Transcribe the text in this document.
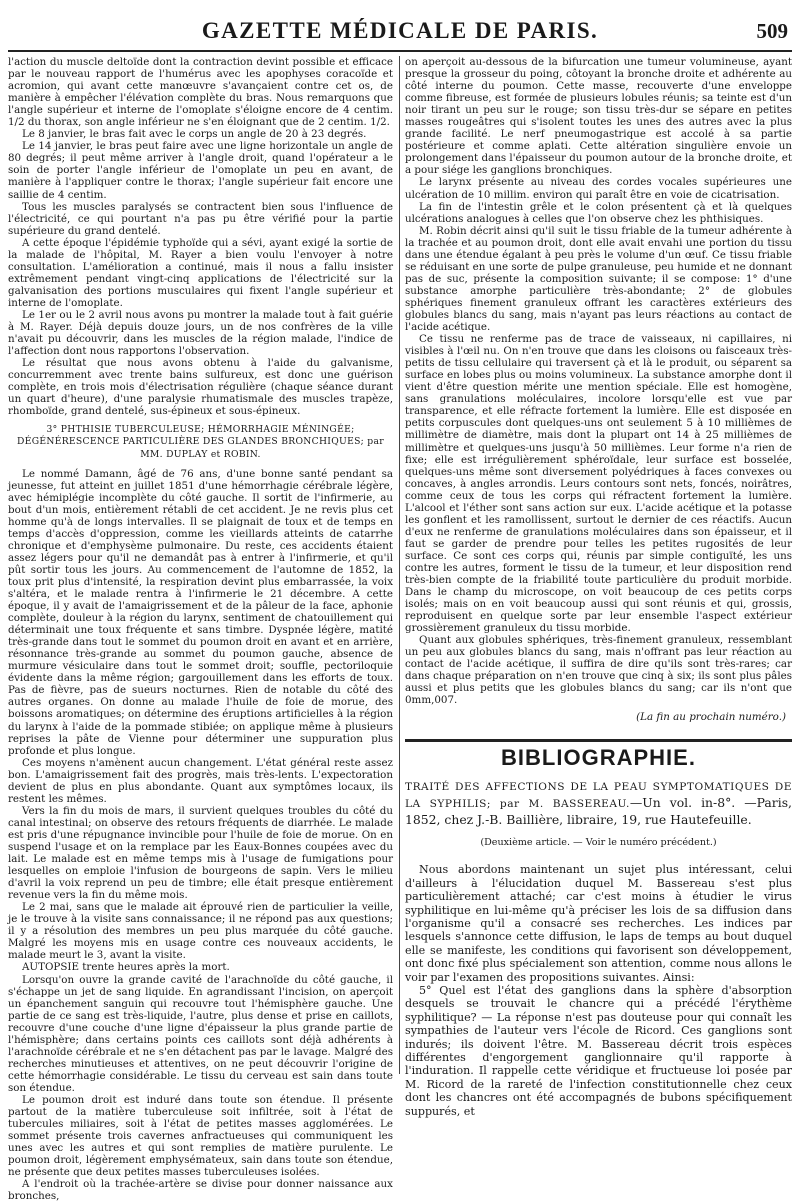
GAZETTE MÉDICALE DE PARIS.	509

l'action du muscle deltoïde dont la contraction devint possible et efficace par le nouveau rapport de l'humérus avec les apophyses coracoïde et acromion, qui avant cette manœuvre s'avançaient contre cet os, de manière à empêcher l'élévation complète du bras. Nous remarquons que l'angle supérieur et interne de l'omoplate s'éloigne encore de 4 centim. 1/2 du thorax, son angle inférieur ne s'en éloignant que de 2 centim. 1/2.

Le 8 janvier, le bras fait avec le corps un angle de 20 à 23 degrés.

Le 14 janvier, le bras peut faire avec une ligne horizontale un angle de 80 degrés; il peut même arriver à l'angle droit, quand l'opérateur a le soin de porter l'angle inférieur de l'omoplate un peu en avant, de manière à l'appliquer contre le thorax; l'angle supérieur fait encore une saillie de 4 centim.

Tous les muscles paralysés se contractent bien sous l'influence de l'électricité, ce qui pourtant n'a pas pu être vérifié pour la partie supérieure du grand dentelé.

A cette époque l'épidémie typhoïde qui a sévi, ayant exigé la sortie de la malade de l'hôpital, M. Rayer a bien voulu l'envoyer à notre consultation. L'amélioration a continué, mais il nous a fallu insister extrêmement pendant vingt-cinq applications de l'électricité sur la galvanisation des portions musculaires qui fixent l'angle supérieur et interne de l'omoplate.

Le 1er ou le 2 avril nous avons pu montrer la malade tout à fait guérie à M. Rayer. Déjà depuis douze jours, un de nos confrères de la ville n'avait pu découvrir, dans les muscles de la région malade, l'indice de l'affection dont nous rapportons l'observation.

Le résultat que nous avons obtenu à l'aide du galvanisme, concurremment avec trente bains sulfureux, est donc une guérison complète, en trois mois d'électrisation régulière (chaque séance durant un quart d'heure), d'une paralysie rhumatismale des muscles trapèze, rhomboïde, grand dentelé, sus-épineux et sous-épineux.

3° PHTHISIE TUBERCULEUSE; HÉMORRHAGIE MÉNINGÉE; DÉGÉNÉRESCENCE PARTICULIÈRE DES GLANDES BRONCHIQUES; par MM. DUPLAY et ROBIN.

Le nommé Damann, âgé de 76 ans, d'une bonne santé pendant sa jeunesse, fut atteint en juillet 1851 d'une hémorrhagie cérébrale légère, avec hémiplégie incomplète du côté gauche. Il sortit de l'infirmerie, au bout d'un mois, entièrement rétabli de cet accident. Je ne revis plus cet homme qu'à de longs intervalles. Il se plaignait de toux et de temps en temps d'accès d'oppression, comme les vieillards atteints de catarrhe chronique et d'emphysème pulmonaire. Du reste, ces accidents étaient assez légers pour qu'il ne demandât pas à entrer à l'infirmerie, et qu'il pût sortir tous les jours. Au commencement de l'automne de 1852, la toux prit plus d'intensité, la respiration devint plus embarrassée, la voix s'altéra, et le malade rentra à l'infirmerie le 21 décembre. A cette époque, il y avait de l'amaigrissement et de la pâleur de la face, aphonie complète, douleur à la région du larynx, sentiment de chatouillement qui déterminait une toux fréquente et sans timbre. Dyspnée légère, matité très-grande dans tout le sommet du poumon droit en avant et en arrière, résonnance très-grande au sommet du poumon gauche, absence de murmure vésiculaire dans tout le sommet droit; souffle, pectoriloquie évidente dans la même région; gargouillement dans les efforts de toux. Pas de fièvre, pas de sueurs nocturnes. Rien de notable du côté des autres organes. On donne au malade l'huile de foie de morue, des boissons aromatiques; on détermine des éruptions artificielles à la région du larynx à l'aide de la pommade stibiée; on applique même à plusieurs reprises la pâte de Vienne pour déterminer une suppuration plus profonde et plus longue.

Ces moyens n'amènent aucun changement. L'état général reste assez bon. L'amaigrissement fait des progrès, mais très-lents. L'expectoration devient de plus en plus abondante. Quant aux symptômes locaux, ils restent les mêmes.

Vers la fin du mois de mars, il survient quelques troubles du côté du canal intestinal; on observe des retours fréquents de diarrhée. Le malade est pris d'une répugnance invincible pour l'huile de foie de morue. On en suspend l'usage et on la remplace par les Eaux-Bonnes coupées avec du lait. Le malade est en même temps mis à l'usage de fumigations pour lesquelles on emploie l'infusion de bourgeons de sapin. Vers le milieu d'avril la voix reprend un peu de timbre; elle était presque entièrement revenue vers la fin du même mois.

Le 2 mai, sans que le malade ait éprouvé rien de particulier la veille, je le trouve à la visite sans connaissance; il ne répond pas aux questions; il y a résolution des membres un peu plus marquée du côté gauche. Malgré les moyens mis en usage contre ces nouveaux accidents, le malade meurt le 3, avant la visite.

AUTOPSIE trente heures après la mort.

Lorsqu'on ouvre la grande cavité de l'arachnoïde du côté gauche, il s'échappe un jet de sang liquide. En agrandissant l'incision, on aperçoit un épanchement sanguin qui recouvre tout l'hémisphère gauche. Une partie de ce sang est très-liquide, l'autre, plus dense et prise en caillots, recouvre d'une couche d'une ligne d'épaisseur la plus grande partie de l'hémisphère; dans certains points ces caillots sont déjà adhérents à l'arachnoïde cérébrale et ne s'en détachent pas par le lavage. Malgré des recherches minutieuses et attentives, on ne peut découvrir l'origine de cette hémorrhagie considérable. Le tissu du cerveau est sain dans toute son étendue.

Le poumon droit est induré dans toute son étendue. Il présente partout de la matière tuberculeuse soit infiltrée, soit à l'état de tubercules miliaires, soit à l'état de petites masses agglomérées. Le sommet présente trois cavernes anfractueuses qui communiquent les unes avec les autres et qui sont remplies de matière purulente. Le poumon droit, légèrement emphysémateux, sain dans toute son étendue, ne présente que deux petites masses tuberculeuses isolées.

A l'endroit où la trachée-artère se divise pour donner naissance aux bronches,

on aperçoit au-dessous de la bifurcation une tumeur volumineuse, ayant presque la grosseur du poing, côtoyant la bronche droite et adhérente au côté interne du poumon. Cette masse, recouverte d'une enveloppe comme fibreuse, est formée de plusieurs lobules réunis; sa teinte est d'un noir tirant un peu sur le rouge; son tissu très-dur se sépare en petites masses rougeâtres qui s'isolent toutes les unes des autres avec la plus grande facilité. Le nerf pneumogastrique est accolé à sa partie postérieure et comme aplati. Cette altération singulière envoie un prolongement dans l'épaisseur du poumon autour de la bronche droite, et a pour siége les ganglions bronchiques.

Le larynx présente au niveau des cordes vocales supérieures une ulcération de 10 millim. environ qui paraît être en voie de cicatrisation.

La fin de l'intestin grêle et le colon présentent çà et là quelques ulcérations analogues à celles que l'on observe chez les phthisiques.

M. Robin décrit ainsi qu'il suit le tissu friable de la tumeur adhérente à la trachée et au poumon droit, dont elle avait envahi une portion du tissu dans une étendue égalant à peu près le volume d'un œuf. Ce tissu friable se réduisant en une sorte de pulpe granuleuse, peu humide et ne donnant pas de suc, présente la composition suivante; il se compose: 1° d'une substance amorphe particulière très-abondante; 2° de globules sphériques finement granuleux offrant les caractères extérieurs des globules blancs du sang, mais n'ayant pas leurs réactions au contact de l'acide acétique.

Ce tissu ne renferme pas de trace de vaisseaux, ni capillaires, ni visibles à l'œil nu. On n'en trouve que dans les cloisons ou faisceaux très-petits de tissu cellulaire qui traversent çà et là le produit, ou séparent sa surface en lobes plus ou moins volumineux. La substance amorphe dont il vient d'être question mérite une mention spéciale. Elle est homogène, sans granulations moléculaires, incolore lorsqu'elle est vue par transparence, et elle réfracte fortement la lumière. Elle est disposée en petits corpuscules dont quelques-uns ont seulement 5 à 10 millièmes de millimètre de diamètre, mais dont la plupart ont 14 à 25 millièmes de millimètre et quelques-uns jusqu'à 50 millièmes. Leur forme n'a rien de fixe; elle est irrégulièrement sphéroïdale, leur surface est bosselée, quelques-uns même sont diversement polyédriques à faces convexes ou concaves, à angles arrondis. Leurs contours sont nets, foncés, noirâtres, comme ceux de tous les corps qui réfractent fortement la lumière. L'alcool et l'éther sont sans action sur eux. L'acide acétique et la potasse les gonflent et les ramollissent, surtout le dernier de ces réactifs. Aucun d'eux ne renferme de granulations moléculaires dans son épaisseur, et il faut se garder de prendre pour telles les petites rugosités de leur surface. Ce sont ces corps qui, réunis par simple contiguïté, les uns contre les autres, forment le tissu de la tumeur, et leur disposition rend très-bien compte de la friabilité toute particulière du produit morbide. Dans le champ du microscope, on voit beaucoup de ces petits corps isolés; mais on en voit beaucoup aussi qui sont réunis et qui, grossis, reproduisent en quelque sorte par leur ensemble l'aspect extérieur grossièrement granuleux du tissu morbide.

Quant aux globules sphériques, très-finement granuleux, ressemblant un peu aux globules blancs du sang, mais n'offrant pas leur réaction au contact de l'acide acétique, il suffira de dire qu'ils sont très-rares; car dans chaque préparation on n'en trouve que cinq à six; ils sont plus pâles aussi et plus petits que les globules blancs du sang; car ils n'ont que 0mm,007.

(La fin au prochain numéro.)

BIBLIOGRAPHIE.

TRAITÉ DES AFFECTIONS DE LA PEAU SYMPTOMATIQUES DE LA SYPHILIS; par M. BASSEREAU.—Un vol. in-8°. —Paris, 1852, chez J.-B. Baillière, libraire, 19, rue Hautefeuille.

(Deuxième article. — Voir le numéro précédent.)

Nous abordons maintenant un sujet plus intéressant, celui d'ailleurs à l'élucidation duquel M. Bassereau s'est plus particulièrement attaché; car c'est moins à étudier le virus syphilitique en lui-même qu'à préciser les lois de sa diffusion dans l'organisme qu'il a consacré ses recherches. Les indices par lesquels s'annonce cette diffusion, le laps de temps au bout duquel elle se manifeste, les conditions qui favorisent son développement, ont donc fixé plus spécialement son attention, comme nous allons le voir par l'examen des propositions suivantes. Ainsi:

5° Quel est l'état des ganglions dans la sphère d'absorption desquels se trouvait le chancre qui a précédé l'érythème syphilitique? — La réponse n'est pas douteuse pour qui connaît les sympathies de l'auteur vers l'école de Ricord. Ces ganglions sont indurés; ils doivent l'être. M. Bassereau décrit trois espèces différentes d'engorgement ganglionnaire qu'il rapporte à l'induration. Il rappelle cette véridique et fructueuse loi posée par M. Ricord de la rareté de l'infection constitutionnelle chez ceux dont les chancres ont été accompagnés de bubons spécifiquement suppurés, et
